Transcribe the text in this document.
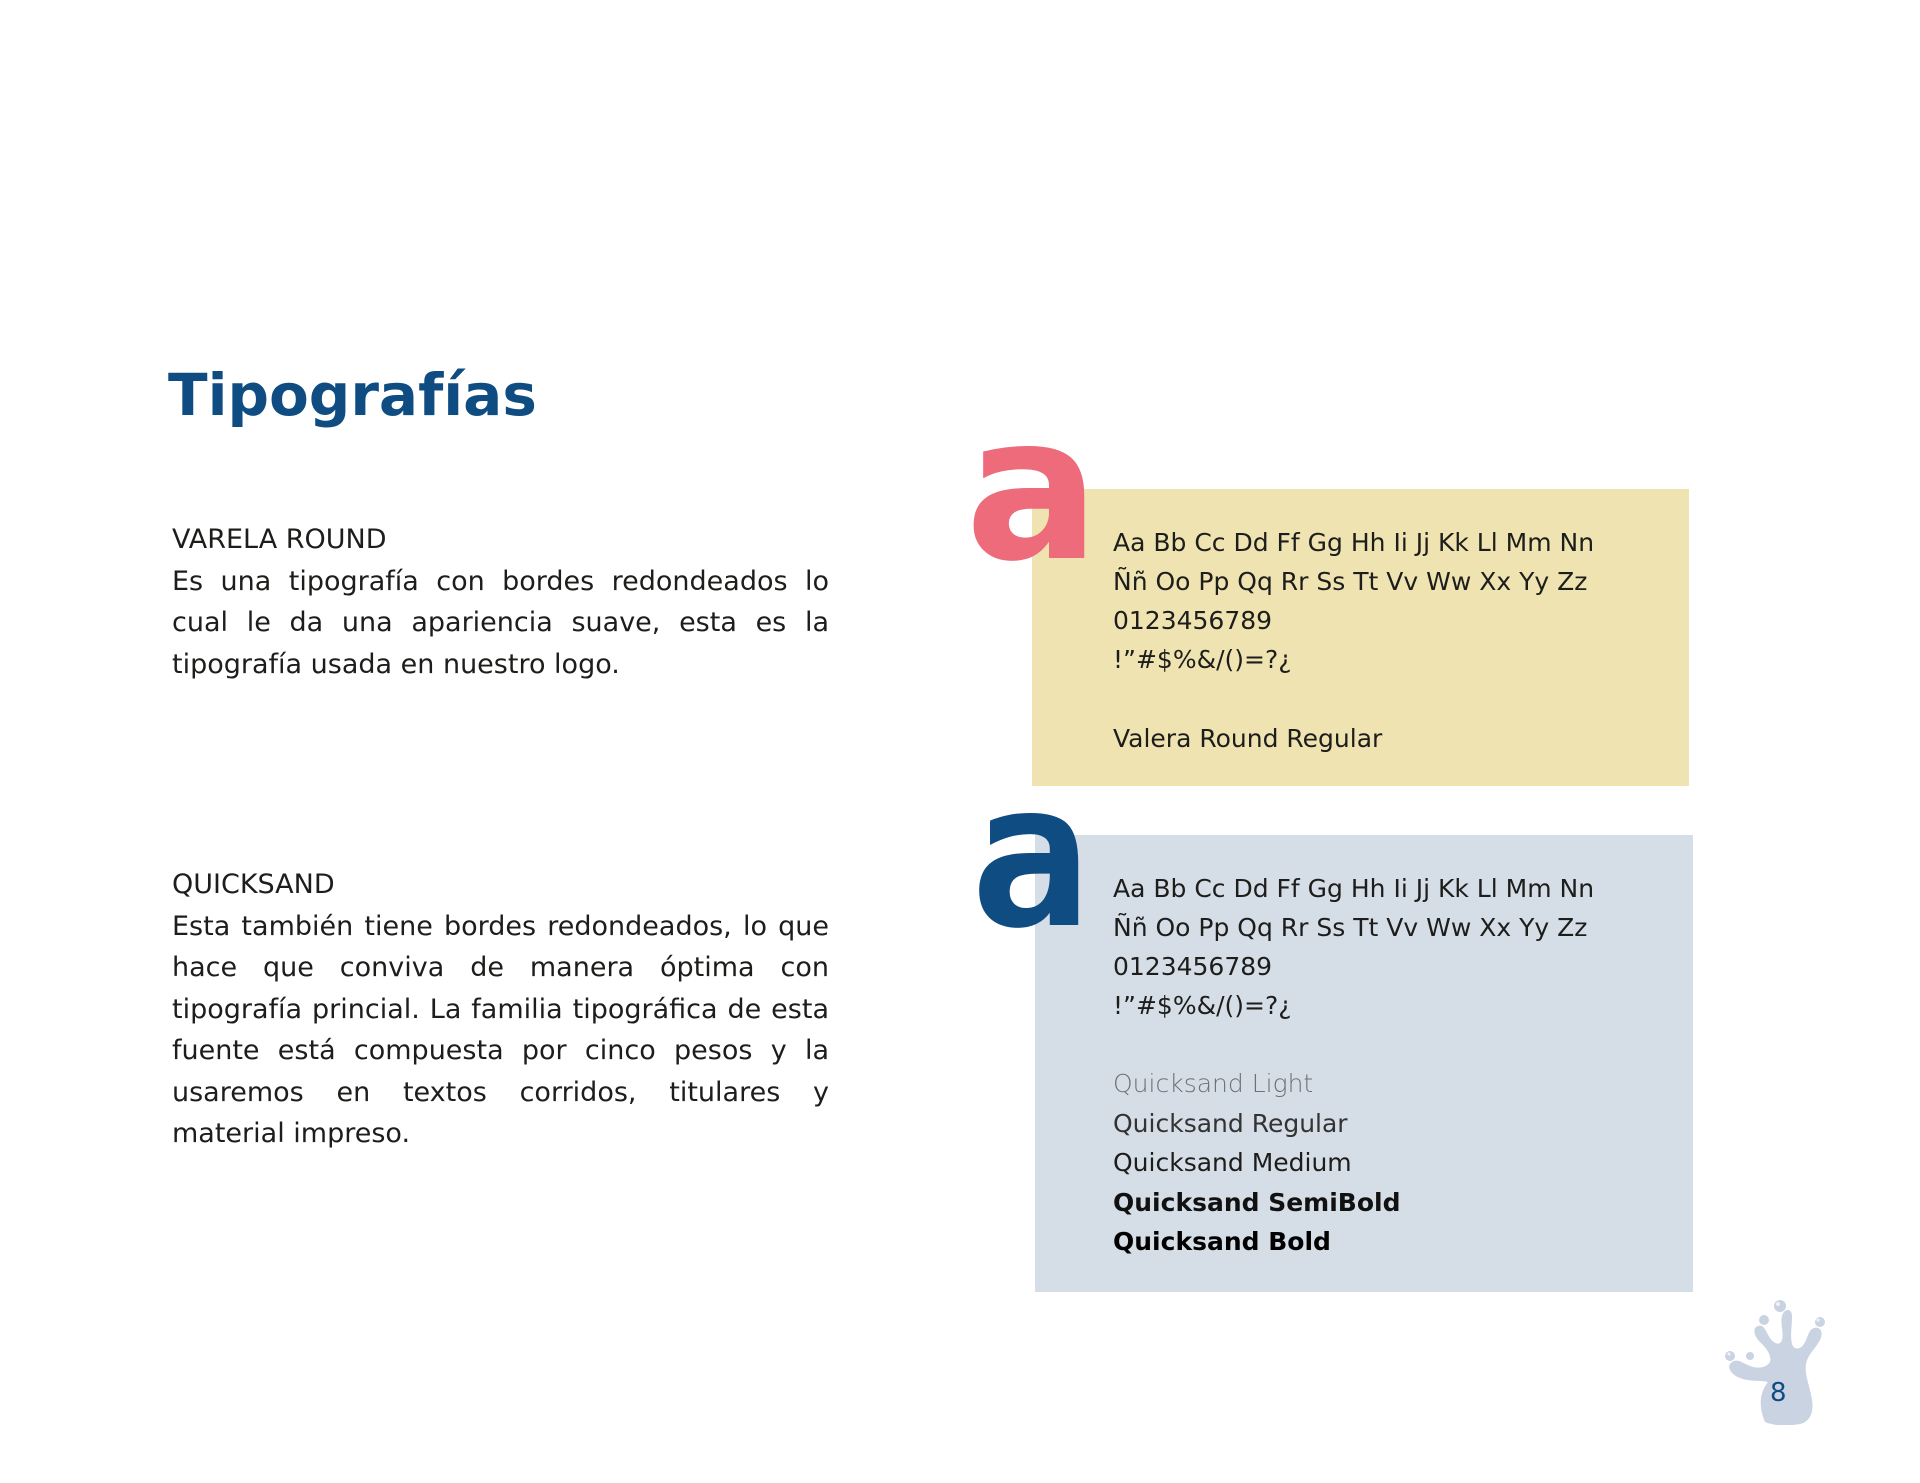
Tipografías

VARELA ROUND

Es una tipografía con bordes redondeados lo cual le da una apariencia suave, esta es la tipografía usada en nuestro logo.

QUICKSAND

Esta también tiene bordes redondeados, lo que hace que conviva de manera óptima con tipografía princial. La familia tipográfica de esta fuente está compuesta por cinco pesos y la usaremos en textos corridos, titulares y material impreso.

a Aa Bb Cc Dd Ff Gg Hh Ii Jj Kk Ll Mm Nn
Ññ Oo Pp Qq Rr Ss Tt Vv Ww Xx Yy Zz
0123456789
!”#$%&/()=?¿
Valera Round Regular
a Aa Bb Cc Dd Ff Gg Hh Ii Jj Kk Ll Mm Nn
Ññ Oo Pp Qq Rr Ss Tt Vv Ww Xx Yy Zz
0123456789
!”#$%&/()=?¿
Quicksand Light
Quicksand Regular
Quicksand Medium
Quicksand SemiBold
Quicksand Bold
8
